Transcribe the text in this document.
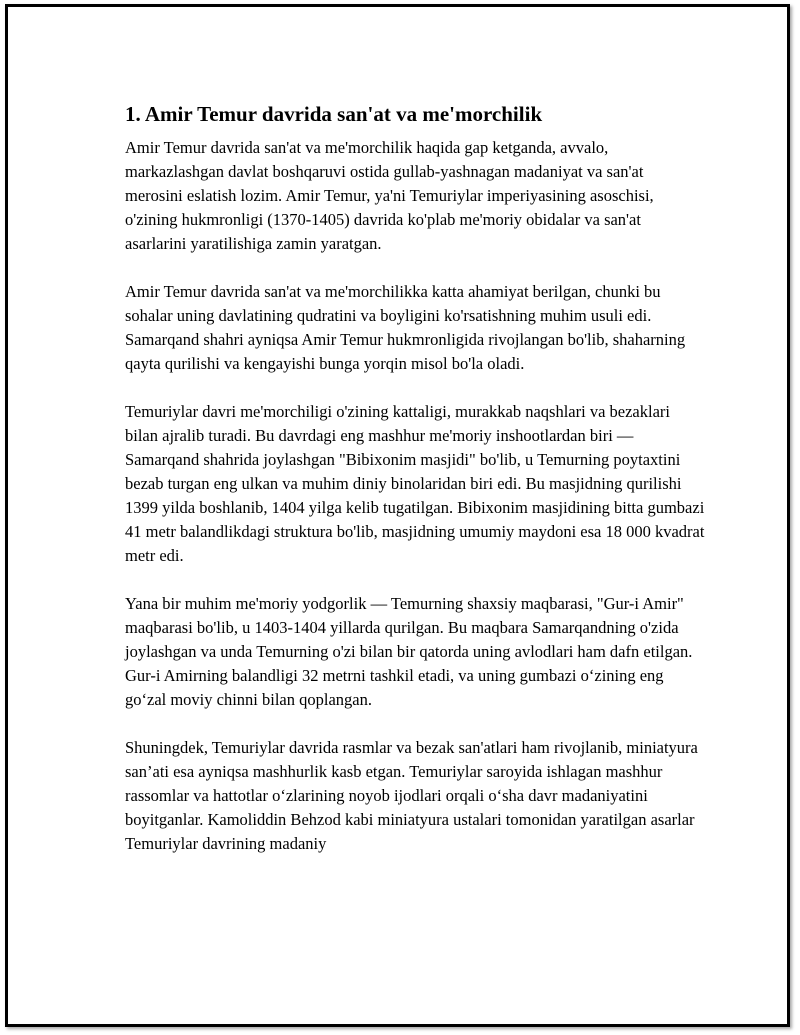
1. Amir Temur davrida san'at va me'morchilik

Amir Temur davrida san'at va me'morchilik haqida gap ketganda, avvalo, markazlashgan davlat boshqaruvi ostida gullab-yashnagan madaniyat va san'at merosini eslatish lozim. Amir Temur, ya'ni Temuriylar imperiyasining asoschisi, o'zining hukmronligi (1370-1405) davrida ko'plab me'moriy obidalar va san'at asarlarini yaratilishiga zamin yaratgan.

Amir Temur davrida san'at va me'morchilikka katta ahamiyat berilgan, chunki bu sohalar uning davlatining qudratini va boyligini ko'rsatishning muhim usuli edi. Samarqand shahri ayniqsa Amir Temur hukmronligida rivojlangan bo'lib, shaharning qayta qurilishi va kengayishi bunga yorqin misol bo'la oladi.

Temuriylar davri me'morchiligi o'zining kattaligi, murakkab naqshlari va bezaklari bilan ajralib turadi. Bu davrdagi eng mashhur me'moriy inshootlardan biri — Samarqand shahrida joylashgan "Bibixonim masjidi" bo'lib, u Temurning poytaxtini bezab turgan eng ulkan va muhim diniy binolaridan biri edi. Bu masjidning qurilishi 1399 yilda boshlanib, 1404 yilga kelib tugatilgan. Bibixonim masjidining bitta gumbazi 41 metr balandlikdagi struktura bo'lib, masjidning umumiy maydoni esa 18 000 kvadrat metr edi.

Yana bir muhim me'moriy yodgorlik — Temurning shaxsiy maqbarasi, "Gur-i Amir" maqbarasi bo'lib, u 1403-1404 yillarda qurilgan. Bu maqbara Samarqandning o'zida joylashgan va unda Temurning o'zi bilan bir qatorda uning avlodlari ham dafn etilgan. Gur-i Amirning balandligi 32 metrni tashkil etadi, va uning gumbazi o‘zining eng go‘zal moviy chinni bilan qoplangan.

Shuningdek, Temuriylar davrida rasmlar va bezak san'atlari ham rivojlanib, miniatyura san’ati esa ayniqsa mashhurlik kasb etgan. Temuriylar saroyida ishlagan mashhur rassomlar va hattotlar o‘zlarining noyob ijodlari orqali o‘sha davr madaniyatini boyitganlar. Kamoliddin Behzod kabi miniatyura ustalari tomonidan yaratilgan asarlar Temuriylar davrining madaniy
